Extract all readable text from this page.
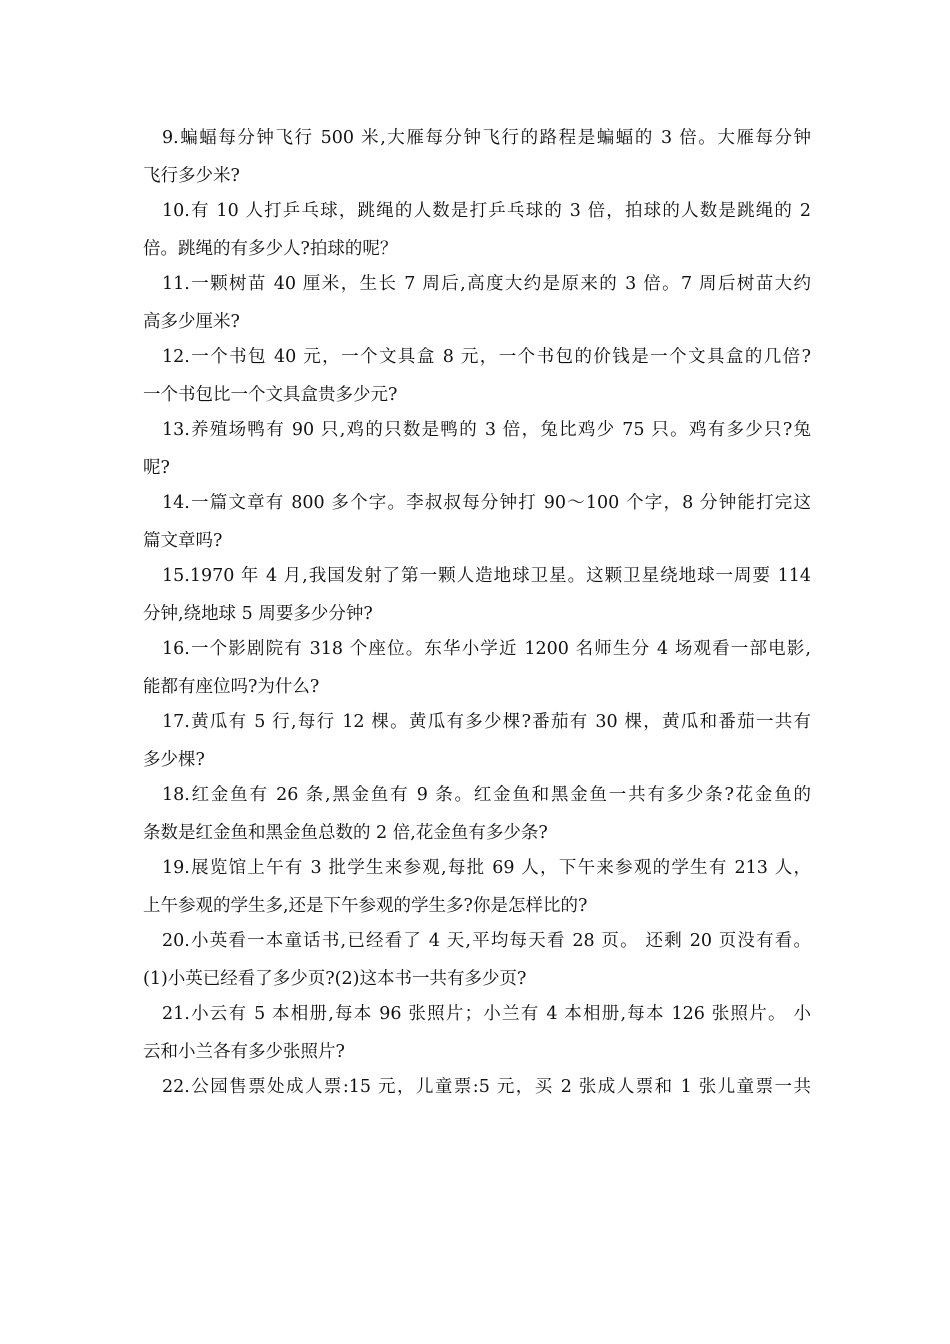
9.蝙蝠每分钟飞行 500 米,大雁每分钟飞行的路程是蝙蝠的 3 倍。大雁每分钟
飞行多少米?
10.有 10 人打乒乓球，跳绳的人数是打乒乓球的 3 倍，拍球的人数是跳绳的 2
倍。跳绳的有多少人?拍球的呢？
11.一颗树苗 40 厘米，生长 7 周后,高度大约是原来的 3 倍。7 周后树苗大约
高多少厘米?
12.一个书包 40 元，一个文具盒 8 元，一个书包的价钱是一个文具盒的几倍?
一个书包比一个文具盒贵多少元?
13.养殖场鸭有 90 只,鸡的只数是鸭的 3 倍，兔比鸡少 75 只。鸡有多少只?兔
呢?
14.一篇文章有 800 多个字。李叔叔每分钟打 90～100 个字，8 分钟能打完这
篇文章吗?
15.1970 年 4 月,我国发射了第一颗人造地球卫星。这颗卫星绕地球一周要 114
分钟,绕地球 5 周要多少分钟?
16.一个影剧院有 318 个座位。东华小学近 1200 名师生分 4 场观看一部电影,
能都有座位吗?为什么?
17.黄瓜有 5 行,每行 12 棵。黄瓜有多少棵?番茄有 30 棵，黄瓜和番茄一共有
多少棵?
18.红金鱼有 26 条,黑金鱼有 9 条。红金鱼和黑金鱼一共有多少条?花金鱼的
条数是红金鱼和黑金鱼总数的 2 倍,花金鱼有多少条?
19.展览馆上午有 3 批学生来参观,每批 69 人，下午来参观的学生有 213 人，
上午参观的学生多,还是下午参观的学生多?你是怎样比的?
20.小英看一本童话书,已经看了 4 天,平均每天看 28 页。 还剩 20 页没有看。
(1)小英已经看了多少页?(2)这本书一共有多少页?
21.小云有 5 本相册,每本 96 张照片；小兰有 4 本相册,每本 126 张照片。 小
云和小兰各有多少张照片?
22.公园售票处成人票:15 元，儿童票:5 元，买 2 张成人票和 1 张儿童票一共
